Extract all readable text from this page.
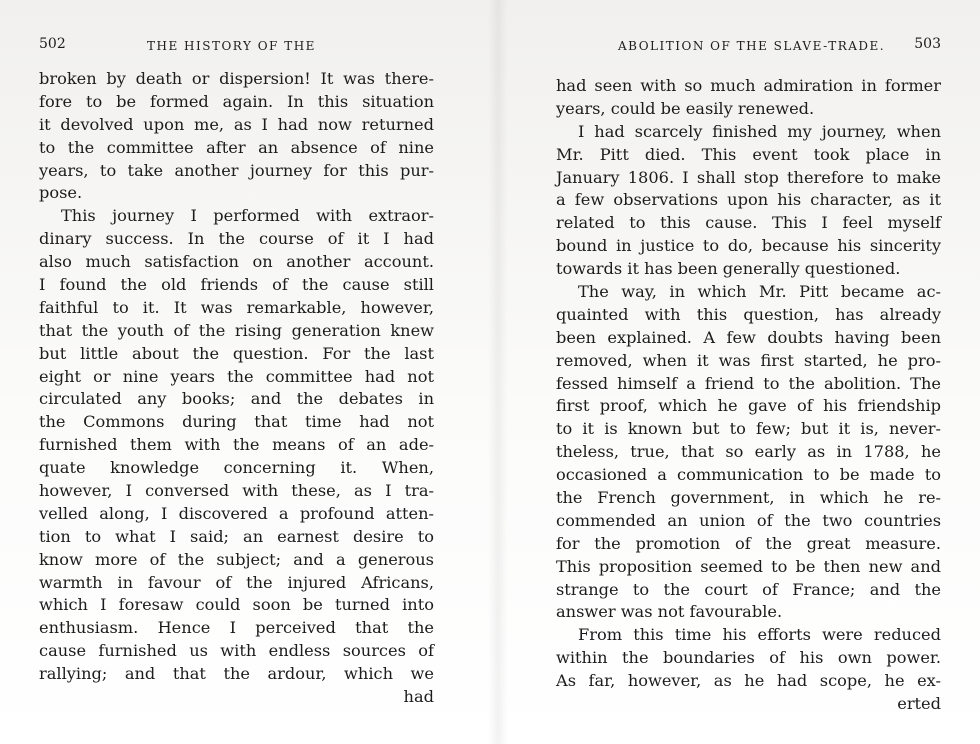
502	THE HISTORY OF THE
broken by death or dispersion! It was there-
fore to be formed again. In this situation
it devolved upon me, as I had now returned
to the committee after an absence of nine
years, to take another journey for this pur-
pose.
This journey I performed with extraor-
dinary success. In the course of it I had
also much satisfaction on another account.
I found the old friends of the cause still
faithful to it. It was remarkable, however,
that the youth of the rising generation knew
but little about the question. For the last
eight or nine years the committee had not
circulated any books; and the debates in
the Commons during that time had not
furnished them with the means of an ade-
quate knowledge concerning it. When,
however, I conversed with these, as I tra-
velled along, I discovered a profound atten-
tion to what I said; an earnest desire to
know more of the subject; and a generous
warmth in favour of the injured Africans,
which I foresaw could soon be turned into
enthusiasm. Hence I perceived that the
cause furnished us with endless sources of
rallying; and that the ardour, which we
had
ABOLITION OF THE SLAVE-TRADE. 503
had seen with so much admiration in former
years, could be easily renewed.
I had scarcely finished my journey, when
Mr. Pitt died. This event took place in
January 1806. I shall stop therefore to make
a few observations upon his character, as it
related to this cause. This I feel myself
bound in justice to do, because his sincerity
towards it has been generally questioned.
The way, in which Mr. Pitt became ac-
quainted with this question, has already
been explained. A few doubts having been
removed, when it was first started, he pro-
fessed himself a friend to the abolition. The
first proof, which he gave of his friendship
to it is known but to few; but it is, never-
theless, true, that so early as in 1788, he
occasioned a communication to be made to
the French government, in which he re-
commended an union of the two countries
for the promotion of the great measure.
This proposition seemed to be then new and
strange to the court of France; and the
answer was not favourable.
From this time his efforts were reduced
within the boundaries of his own power.
As far, however, as he had scope, he ex-
erted
